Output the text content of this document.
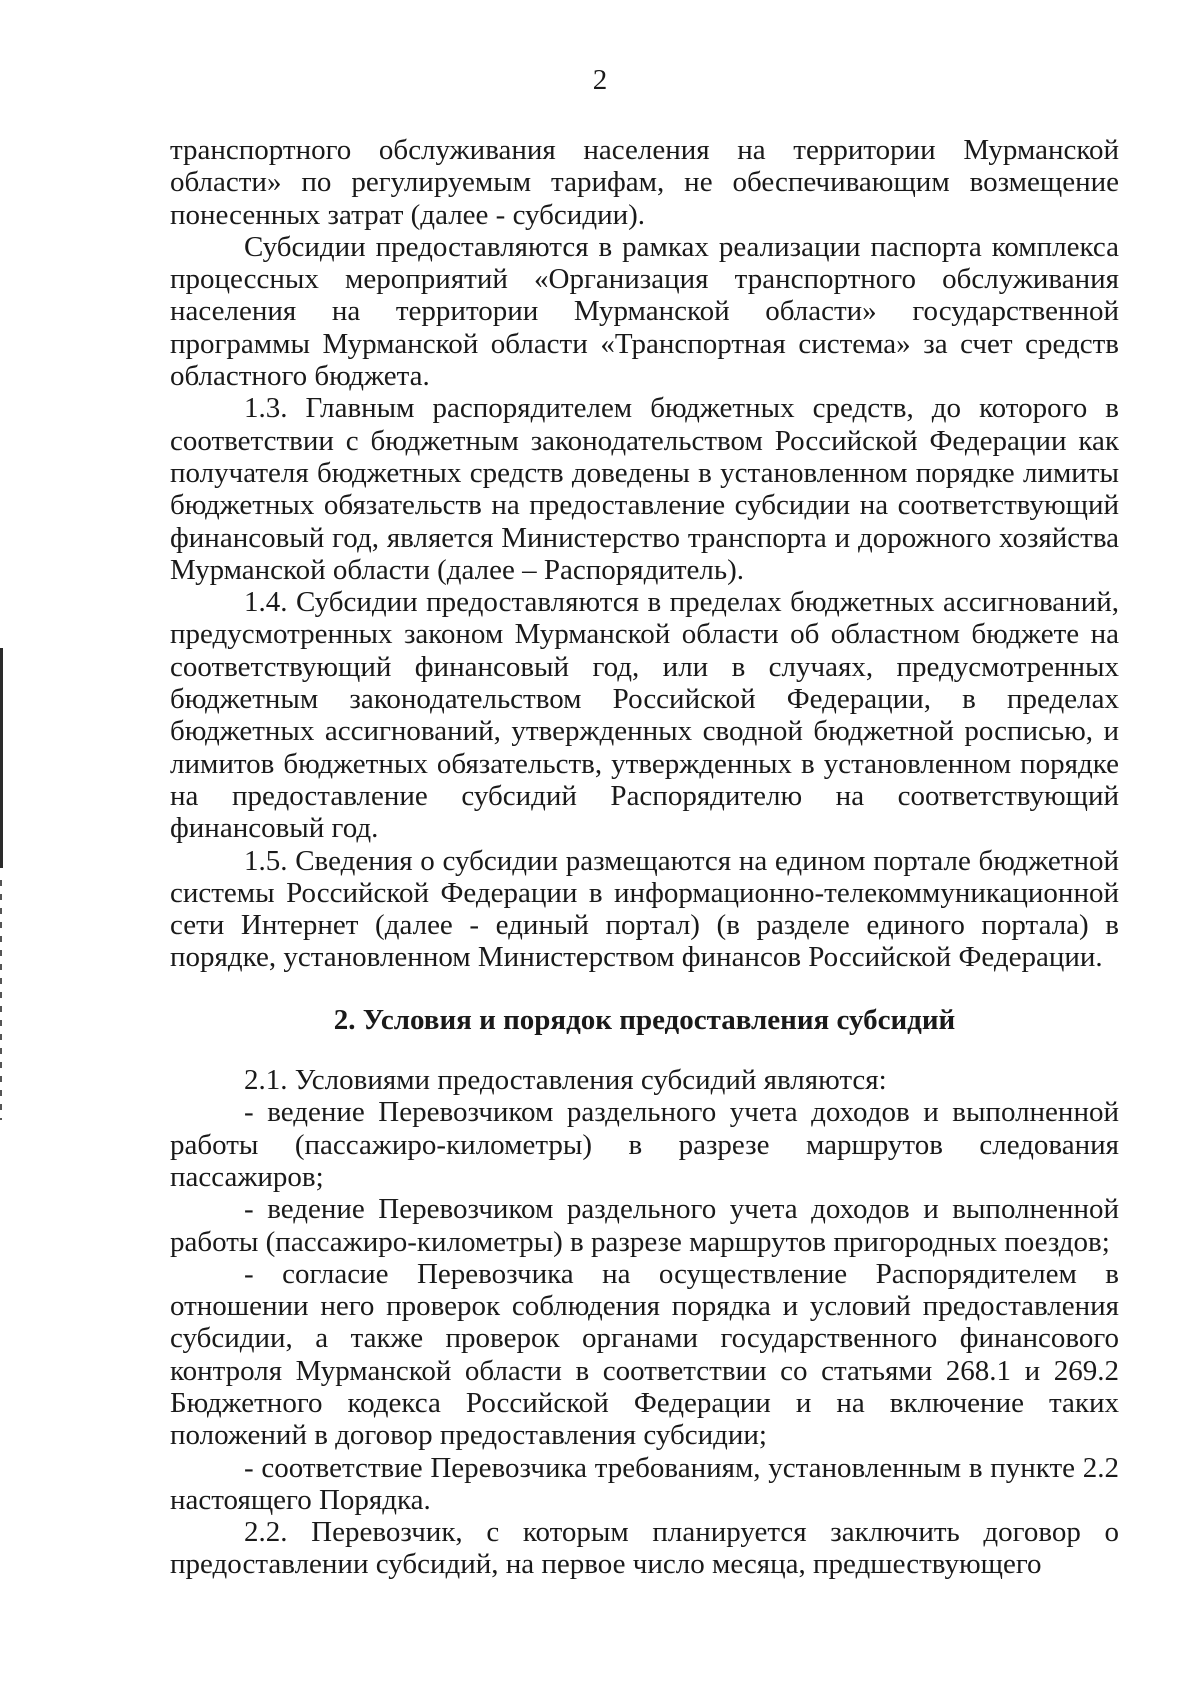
2

транспортного обслуживания населения на территории Мурманской области» по регулируемым тарифам, не обеспечивающим возмещение понесенных затрат (далее - субсидии).

Субсидии предоставляются в рамках реализации паспорта комплекса процессных мероприятий «Организация транспортного обслуживания населения на территории Мурманской области» государственной программы Мурманской области «Транспортная система» за счет средств областного бюджета.

1.3. Главным распорядителем бюджетных средств, до которого в соответствии с бюджетным законодательством Российской Федерации как получателя бюджетных средств доведены в установленном порядке лимиты бюджетных обязательств на предоставление субсидии на соответствующий финансовый год, является Министерство транспорта и дорожного хозяйства Мурманской области (далее – Распорядитель).

1.4. Субсидии предоставляются в пределах бюджетных ассигнований, предусмотренных законом Мурманской области об областном бюджете на соответствующий финансовый год, или в случаях, предусмотренных бюджетным законодательством Российской Федерации, в пределах бюджетных ассигнований, утвержденных сводной бюджетной росписью, и лимитов бюджетных обязательств, утвержденных в установленном порядке на предоставление субсидий Распорядителю на соответствующий финансовый год.

1.5. Сведения о субсидии размещаются на едином портале бюджетной системы Российской Федерации в информационно-телекоммуникационной сети Интернет (далее - единый портал) (в разделе единого портала) в порядке, установленном Министерством финансов Российской Федерации.

2. Условия и порядок предоставления субсидий

2.1. Условиями предоставления субсидий являются:

- ведение Перевозчиком раздельного учета доходов и выполненной работы (пассажиро-километры) в разрезе маршрутов следования пассажиров;

- ведение Перевозчиком раздельного учета доходов и выполненной работы (пассажиро-километры) в разрезе маршрутов пригородных поездов;

- согласие Перевозчика на осуществление Распорядителем в отношении него проверок соблюдения порядка и условий предоставления субсидии, а также проверок органами государственного финансового контроля Мурманской области в соответствии со статьями 268.1 и 269.2 Бюджетного кодекса Российской Федерации и на включение таких положений в договор предоставления субсидии;

- соответствие Перевозчика требованиям, установленным в пункте 2.2 настоящего Порядка.

2.2. Перевозчик, с которым планируется заключить договор о предоставлении субсидий, на первое число месяца, предшествующего
